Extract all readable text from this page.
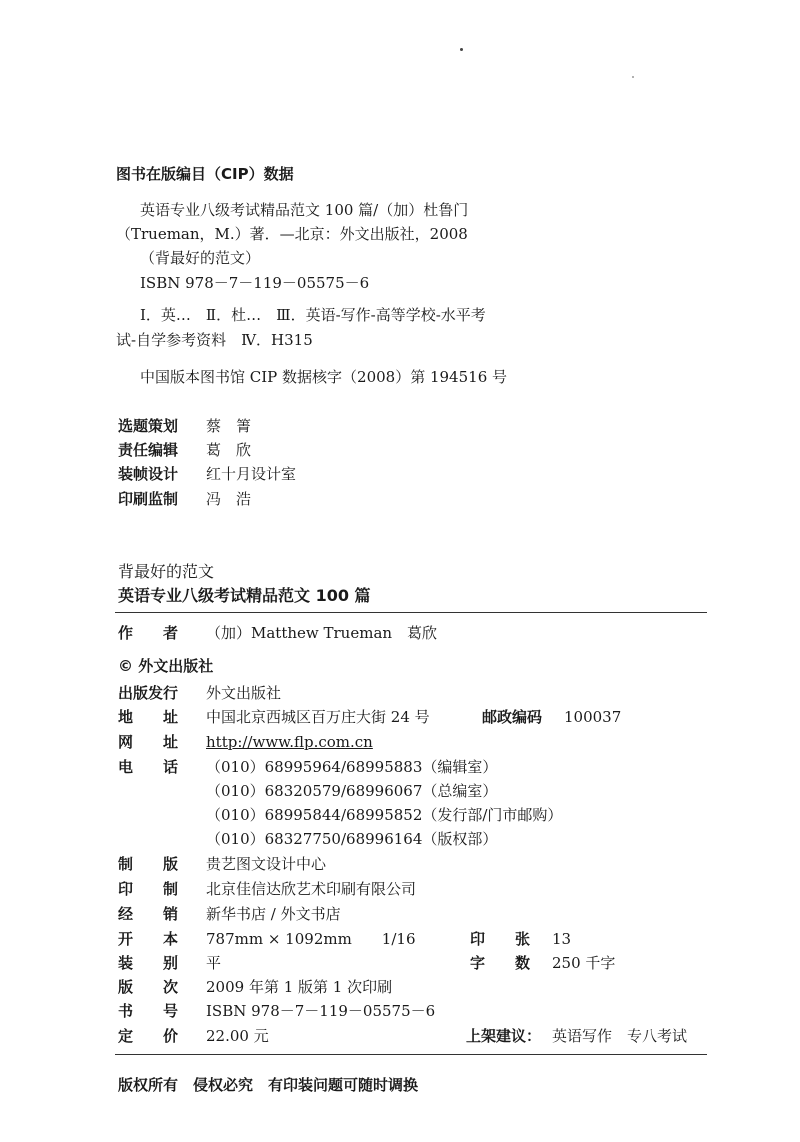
图书在版编目（CIP）数据
英语专业八级考试精品范文 100 篇/（加）杜鲁门
（Trueman，M.）著．—北京：外文出版社，2008
（背最好的范文）
ISBN 978－7－119－05575－6
Ⅰ．英…　Ⅱ．杜…　Ⅲ．英语-写作-高等学校-水平考
试-自学参考资料　Ⅳ．H315
中国版本图书馆 CIP 数据核字（2008）第 194516 号
选题策划 蔡　箐
责任编辑 葛　欣
装帧设计 红十月设计室
印刷监制 冯　浩
背最好的范文
英语专业八级考试精品范文 100 篇
作　　者 （加）Matthew Trueman　葛欣
© 外文出版社
出版发行 外文出版社
地　　址 中国北京西城区百万庄大街 24 号	邮政编码 100037
网　　址 http://www.flp.com.cn
电　　话 （010）68995964/68995883（编辑室）
（010）68320579/68996067（总编室）
（010）68995844/68995852（发行部/门市邮购）
（010）68327750/68996164（版权部）
制　　版 贵艺图文设计中心
印　　制 北京佳信达欣艺术印刷有限公司
经　　销 新华书店 / 外文书店
开　　本 787mm × 1092mm　　1/16	印　　张 13
装　　别 平	字　　数 250 千字
版　　次 2009 年第 1 版第 1 次印刷
书　　号 ISBN 978－7－119－05575－6
定　　价 22.00 元	上架建议： 英语写作　专八考试
版权所有　侵权必究　有印装问题可随时调换
